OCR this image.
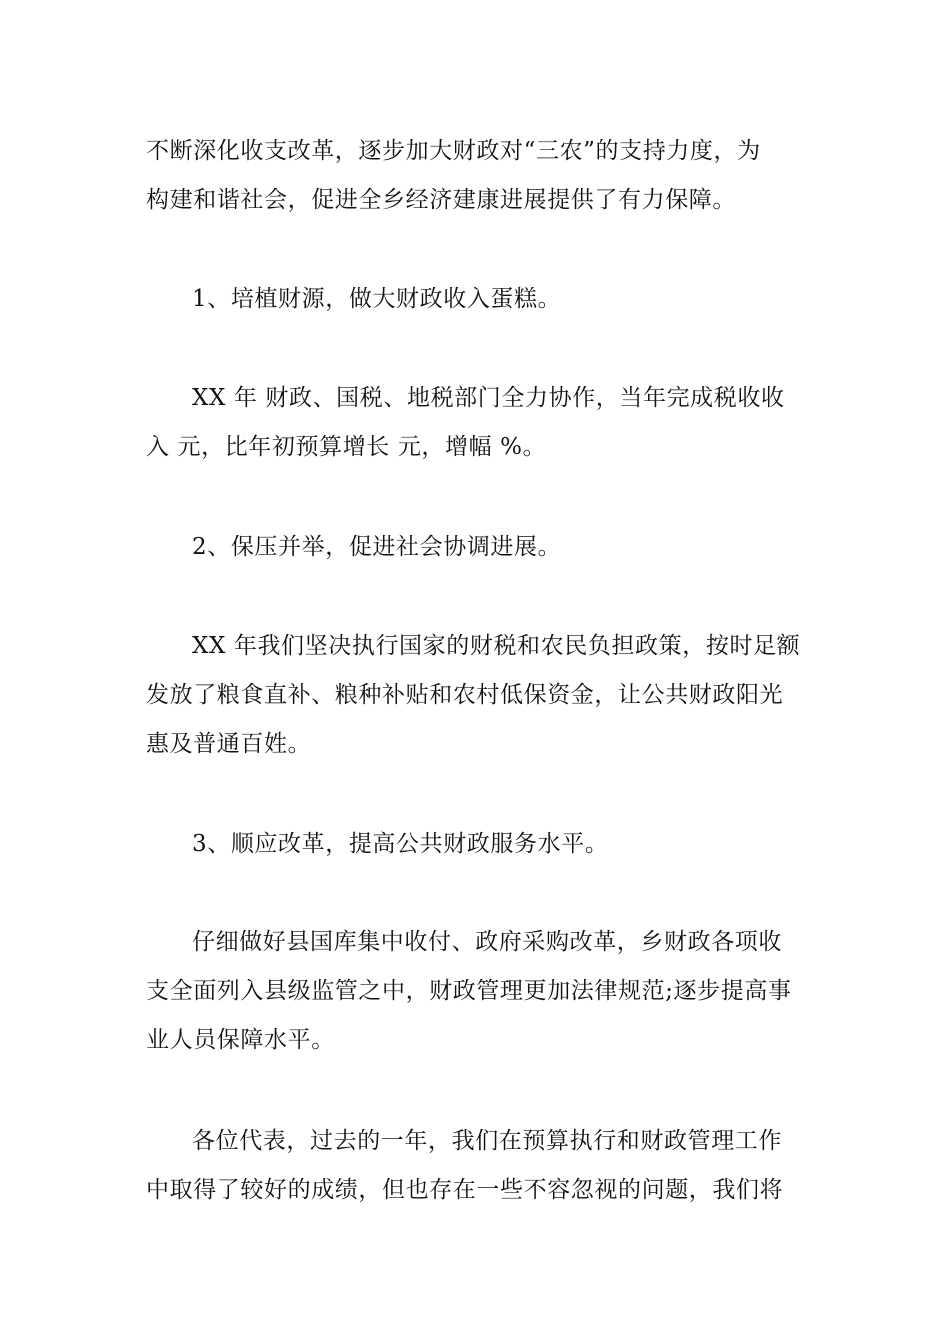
不断深化收支改革，逐步加大财政对“三农”的支持力度，为
构建和谐社会，促进全乡经济建康进展提供了有力保障。
1、培植财源，做大财政收入蛋糕。
XX 年 财政、国税、地税部门全力协作，当年完成税收收
入 元，比年初预算增长 元，增幅 %。
2、保压并举，促进社会协调进展。
XX 年我们坚决执行国家的财税和农民负担政策，按时足额
发放了粮食直补、粮种补贴和农村低保资金，让公共财政阳光
惠及普通百姓。
3、顺应改革，提高公共财政服务水平。
仔细做好县国库集中收付、政府采购改革，乡财政各项收
支全面列入县级监管之中，财政管理更加法律规范;逐步提高事
业人员保障水平。
各位代表，过去的一年，我们在预算执行和财政管理工作
中取得了较好的成绩，但也存在一些不容忽视的问题，我们将
